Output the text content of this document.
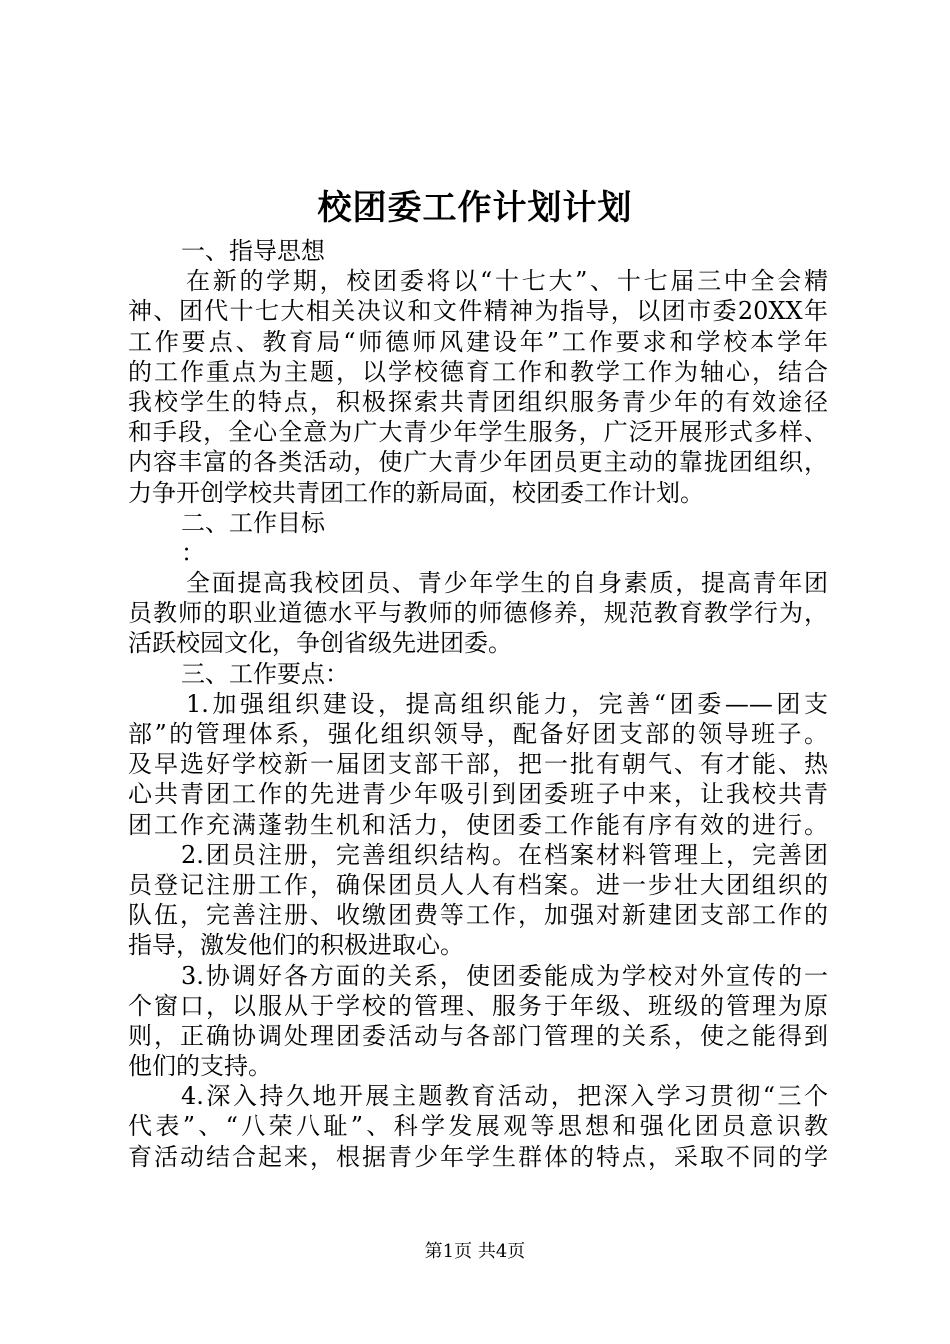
校团委工作计划计划
一、指导思想
在新的学期，校团委将以“十七大”、十七届三中全会精
神、团代十七大相关决议和文件精神为指导，以团市委20XX年
工作要点、教育局“师德师风建设年”工作要求和学校本学年
的工作重点为主题，以学校德育工作和教学工作为轴心，结合
我校学生的特点，积极探索共青团组织服务青少年的有效途径
和手段，全心全意为广大青少年学生服务，广泛开展形式多样、
内容丰富的各类活动，使广大青少年团员更主动的靠拢团组织，
力争开创学校共青团工作的新局面，校团委工作计划。
二、工作目标
：
全面提高我校团员、青少年学生的自身素质，提高青年团
员教师的职业道德水平与教师的师德修养，规范教育教学行为，
活跃校园文化，争创省级先进团委。
三、工作要点：
1.加强组织建设，提高组织能力，完善“团委——团支
部”的管理体系，强化组织领导，配备好团支部的领导班子。
及早选好学校新一届团支部干部，把一批有朝气、有才能、热
心共青团工作的先进青少年吸引到团委班子中来，让我校共青
团工作充满蓬勃生机和活力，使团委工作能有序有效的进行。
2.团员注册，完善组织结构。在档案材料管理上，完善团
员登记注册工作，确保团员人人有档案。进一步壮大团组织的
队伍，完善注册、收缴团费等工作，加强对新建团支部工作的
指导，激发他们的积极进取心。
3.协调好各方面的关系，使团委能成为学校对外宣传的一
个窗口，以服从于学校的管理、服务于年级、班级的管理为原
则，正确协调处理团委活动与各部门管理的关系，使之能得到
他们的支持。
4.深入持久地开展主题教育活动，把深入学习贯彻“三个
代表”、“八荣八耻”、科学发展观等思想和强化团员意识教
育活动结合起来，根据青少年学生群体的特点，采取不同的学
第1页 共4页
